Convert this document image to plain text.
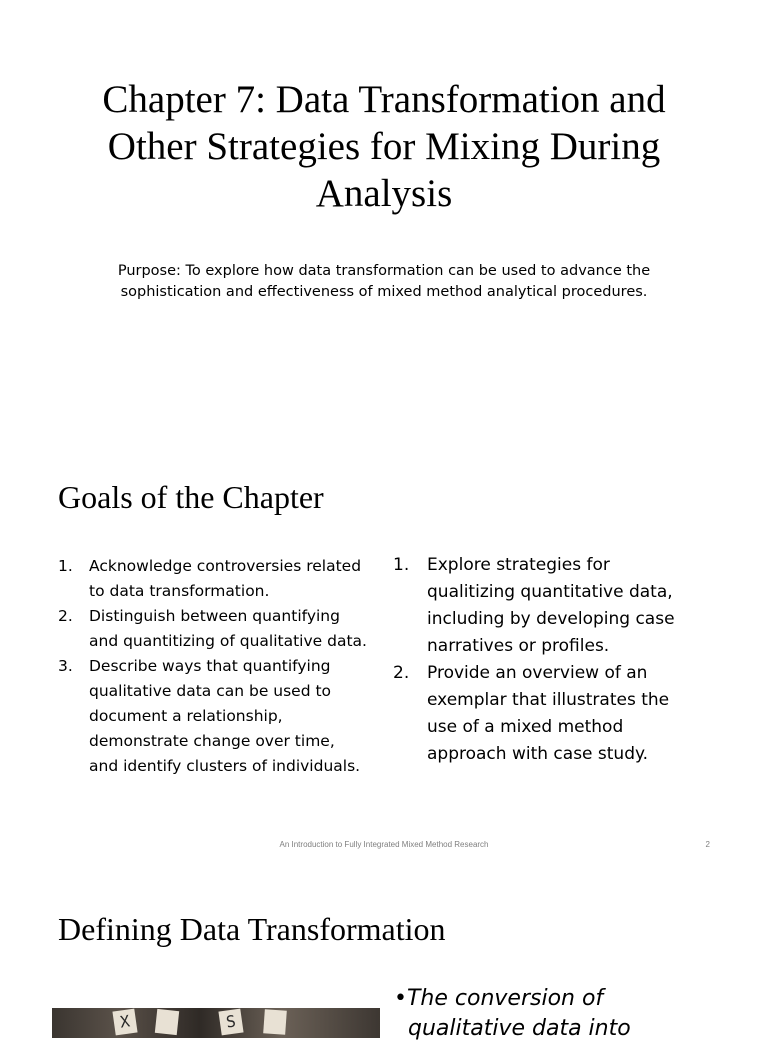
Chapter 7: Data Transformation and Other Strategies for Mixing During Analysis

Purpose: To explore how data transformation can be used to advance the sophistication and effectiveness of mixed method analytical procedures.

Goals of the Chapter
1. Acknowledge controversies related to data transformation.
2. Distinguish between quantifying and quantitizing of qualitative data.
3. Describe ways that quantifying qualitative data can be used to document a relationship, demonstrate change over time, and identify clusters of individuals.
1. Explore strategies for qualitizing quantitative data, including by developing case narratives or profiles.
2. Provide an overview of an exemplar that illustrates the use of a mixed method approach with case study.
An Introduction to Fully Integrated Mixed Method Research	2
Defining Data Transformation
X	S
•The conversion of
qualitative data into
